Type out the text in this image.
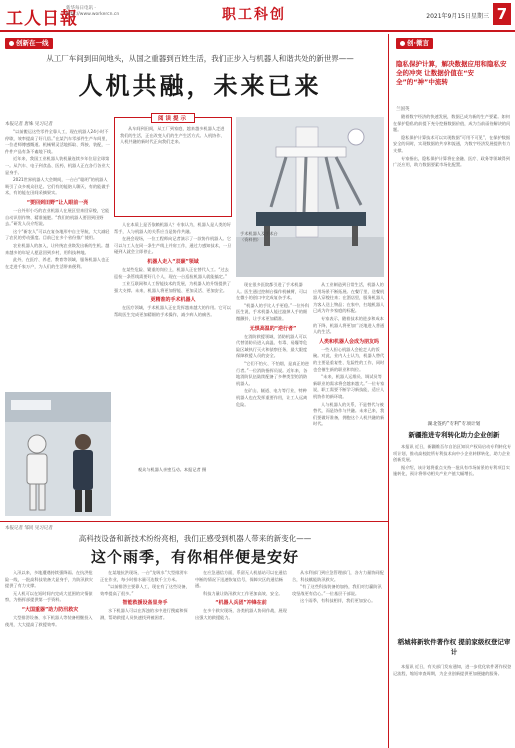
工人日報
新华每日电讯 ·
http://www.workercn.cn	职工科创	2021年9月15日 星期三 7
创新在一线
从工厂车间到田间地头，从国之重器到百姓生活，我们正步入与机器人和谐共处的新世界——
人机共融，未来已来
本报记者 唐姝 见习记者
阅读提示

从车间到田间，从工厂到家庭，越来越多机器人走进我们的生活，正在改变人们的生产生活方式。人机协作、人机共融的新时代正向我们走来。

“以前搬运这些零件全靠人工，现在机器人24小时不停歇，效率提高了好几倍。”在某汽车零部件生产车间里，一位老师傅感慨道。机械臂灵活地抓取、焊接、装配，一件件产品有条不紊地下线。

近年来，我国工业机器人装机量连续多年位居全球第一。从汽车、电子到食品、医药，机器人正在各行各业大显身手。

2021世界机器人大会期间，一台台“聪明”的机器人吸引了众多观众驻足。它们有的能陪人聊天，有的能做手术，有的能在田间采摘果实。

“要回到田野”让人眼前一亮

一台外形小巧的农业机器人在展区里来回穿梭，它能自动识别作物、精准施肥。“我们的机器人要回到田野去。”研发人员介绍说。

这个“新农人”可以在复杂地形中自主导航，大大减轻了农民的劳动强度。目前已在多个省份推广使用。

农业机器人的加入，让传统农业焕发出新的生机。越来越多的年轻人愿意回到乡村，用科技种地。

此外，在医疗、养老、教育等领域，服务机器人也正在走进千家万户，为人们的生活带来便利。

人在本质上是否依赖机器人？专家认为，机器人是人类的好帮手，人与机器人的关系应当是协作共融。

在展会现场，一位工程师向记者演示了一款协作机器人。它可以与工人在同一条生产线上并肩工作，通过力感知技术，一旦碰到人就会立即停止。

机器人走入“双碳”领域

在某些危险、繁重的岗位上，机器人正在替代人工。“过去巡检一条管线需要好几个人，现在一台巡检机器人就能搞定。”

工业互联网和人工智能技术的发展，为机器人的升级提供了强大支撑。未来，机器人将更加智能、更加灵活、更加安全。

更精准的手术机器人

在医疗领域，手术机器人正在发挥越来越大的作用。它可以帮助医生完成更加精细的手术操作，减少病人的痛苦。

手术机器人及手术台（资料图）

现在很多医院都引进了手术机器人。医生通过控制台操作机械臂，可以在微小的创口中完成复杂手术。

“机器人的手比人手更稳。”一位外科医生说，手术机器人能过滤掉人手的细微颤抖，让手术更加精准。

无惧高温的“逆行者”

在消防救援领域，消防机器人可以代替消防员进入高温、有毒、易爆等危险区域执行灭火和侦察任务，最大限度保障救援人员的安全。

“它们不怕火、不怕烟，是真正的逆行者。”一位消防指挥员说。近年来，各地消防队伍陆续配备了多种类型的消防机器人。

在矿山、隧道、电力等行业，特种机器人也在发挥重要作用，让工人远离危险。

从工业制造到日常生活，机器人的应用场景不断拓展。在餐厅里，送餐机器人穿梭往来；在酒店里，服务机器人为客人送上物品；在家中，扫地机器人已成为许多家庭的标配。

专家表示，随着技术的进步和成本的下降，机器人将更加广泛地进入普通人的生活。

人类和机器人会成为朋友吗

一些人担心机器人会抢走人的饭碗。对此，业内人士认为，机器人替代的主要是重复性、危险性的工作，同时也会催生新的职业和岗位。

“未来，机器人运维员、调试员等新职业的需求将会越来越大。”一位专家说，职工需要不断学习新技能，适应人机协作的新环境。

人与机器人的关系，不是替代与被替代，而是协作与共融。未来已来，我们要做好准备，拥抱这个人机共融的新时代。

观众与机器人亲密互动。本报记者 摄
高科技设备和新技术纷纷亮相，我们正感受到机器人带来的新变化——
这个雨季，有你相伴便是安好
本报记者 邹同 见习记者

入汛以来，多地遭遇持续强降雨。在抗洪抢险一线，一批高科技装备大显身手，为防汛救灾提供了有力支撑。

无人机可以在短时间内完成大范围的灾情侦察，为指挥部提供第一手资料。

“大国重器”助力防汛救灾

大型排涝设备、水下机器人等装备相继投入使用，大大提高了救援效率。

在某地抗洪现场，一台“龙吸水”大型排涝车正在作业，每小时排水量可达数千立方米。

“以前排涝主要靠人工，现在有了这些设备，效率提高了很多。”

智能救援设备显身手

水下机器人可以在浑浊的水中进行搜索和探测，帮助救援人员快速找到被困者。

在应急通信方面，系留无人机基站可以在通信中断的情况下迅速恢复信号，保障灾区的通信畅通。

科技力量让防汛救灾工作更加高效、安全。

“机器人兵团”冲锋在前

在多个救灾现场，各类机器人协同作战，展现出强大的救援能力。

从水利部门到应急管理部门，各方力量协同配合，科技赋能防汛救灾。

“有了这些科技装备的加持，我们对打赢防汛攻坚战更有信心。”一位基层干部说。

这个雨季，有科技相伴，我们更加安心。

创·微言
隐私保护计算，解决数据应用和隐私安全的冲突 让数据价值在“安全”的“神”中流转
兰国英

随着数字经济的快速发展，数据已成为新的生产要素。如何在保护隐私的前提下充分挖掘数据价值，成为当前亟待解决的问题。

隐私保护计算技术可以实现数据“可用不可见”，在保护数据安全的同时，实现数据的共享和流通，为数字经济发展提供有力支撑。

专家指出，隐私保护计算将在金融、医疗、政务等领域得到广泛应用，助力数据要素市场化配置。

湖北签约“专利”专项计划
新疆推进专利转化助力企业创新

本报讯 近日，新疆维吾尔自治区知识产权局启动专利转化专项计划，推动高校院所专利技术向中小企业转移转化，助力企业创新发展。

据介绍，该计划将重点支持一批具有市场前景的专利项目实施转化，预计将带动相关产业产值大幅增长。

稻城将新软件著作权 提前家级权登记审计

本报讯 近日，有关部门发布通知，进一步优化软件著作权登记流程，缩短审查周期，为企业创新提供更加便捷的服务。
